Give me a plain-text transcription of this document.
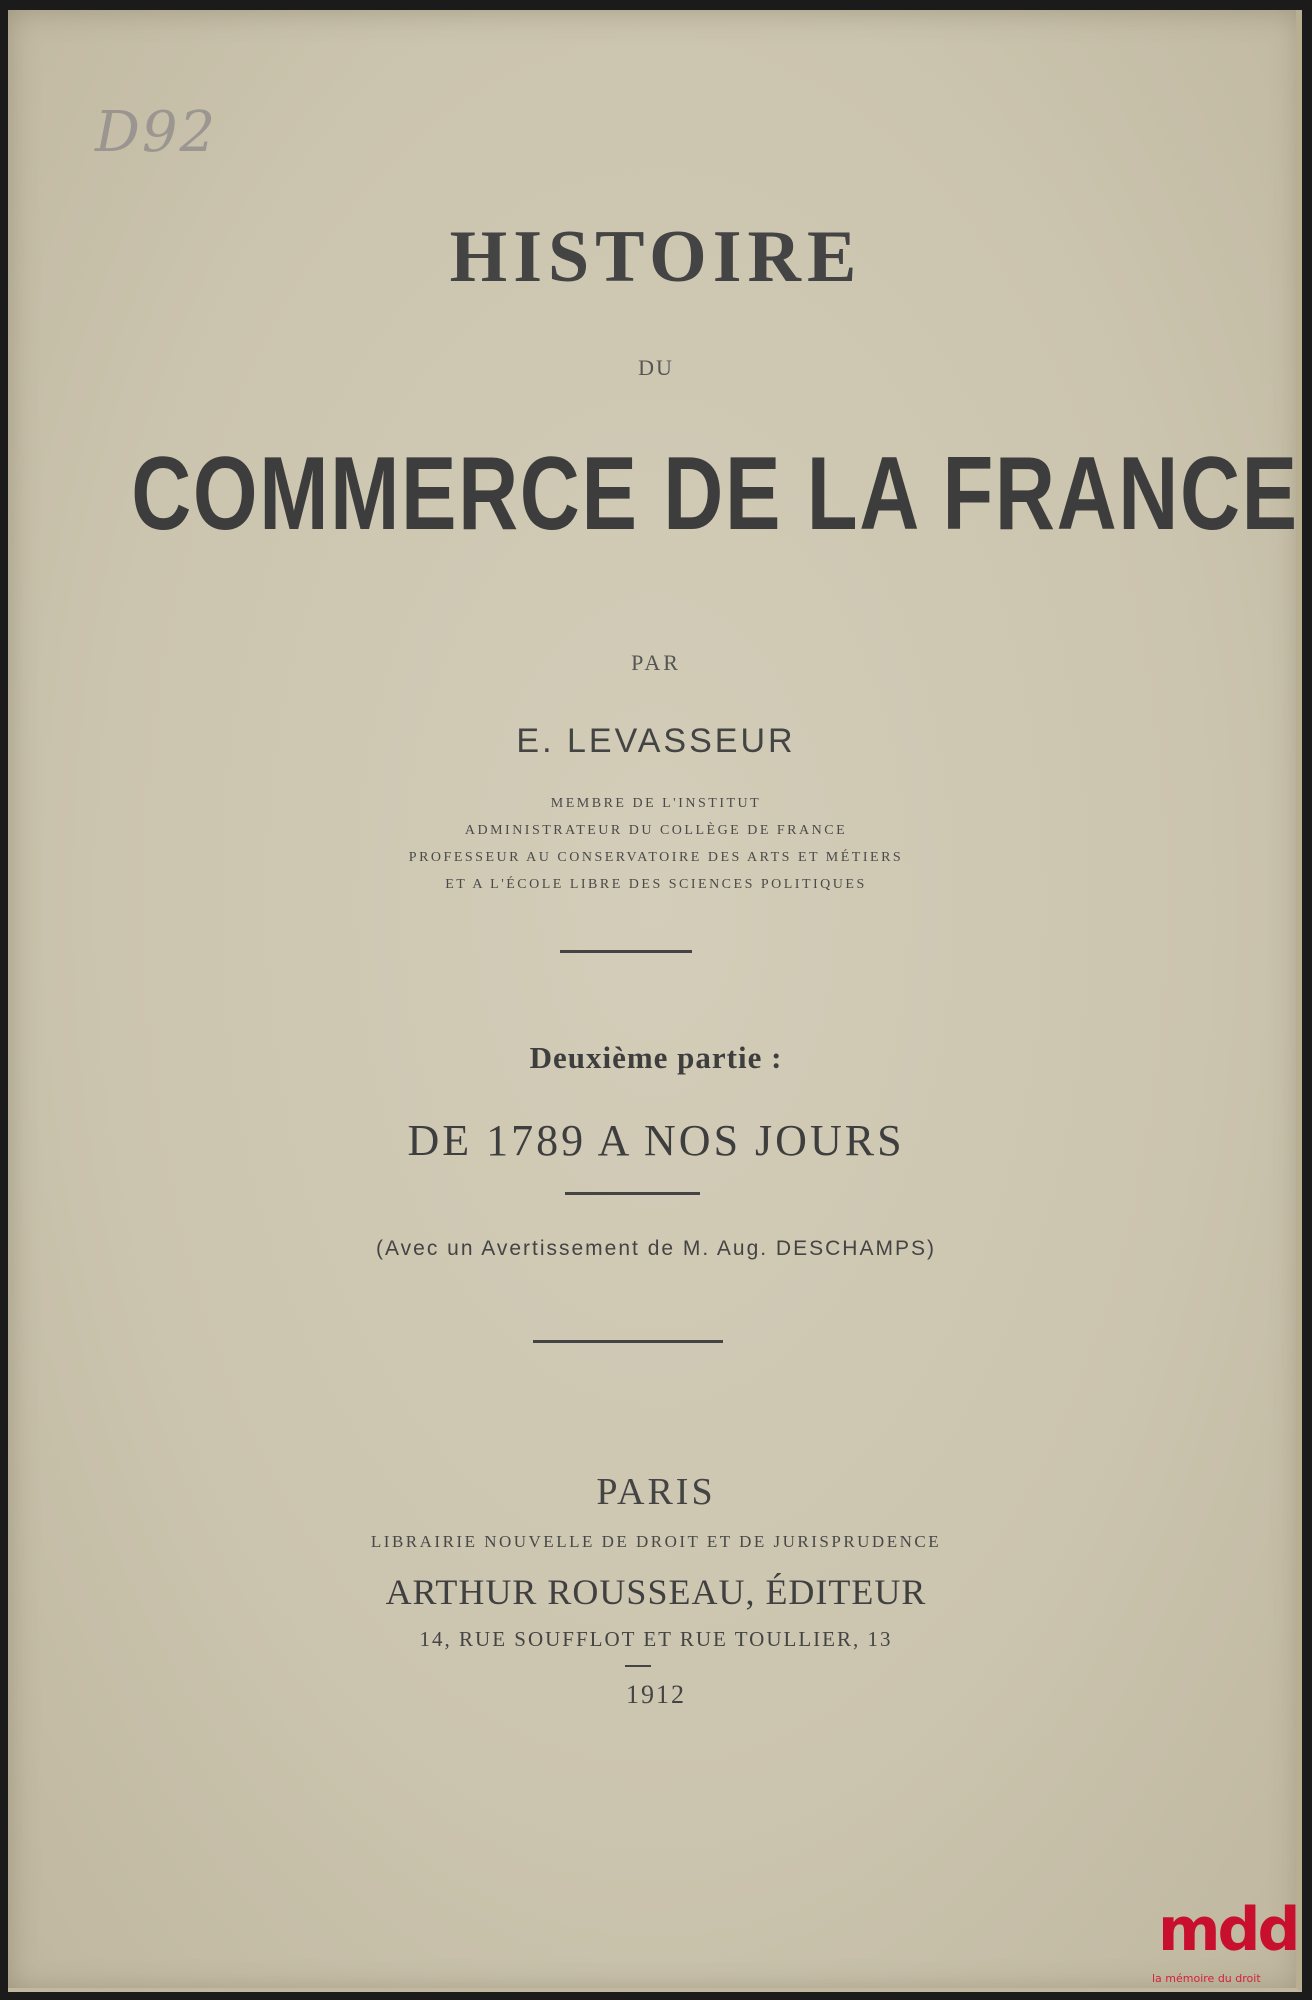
D92
HISTOIRE
DU
COMMERCE DE LA FRANCE
PAR
E. LEVASSEUR
MEMBRE DE L'INSTITUT
ADMINISTRATEUR DU COLLÈGE DE FRANCE
PROFESSEUR AU CONSERVATOIRE DES ARTS ET MÉTIERS
ET A L'ÉCOLE LIBRE DES SCIENCES POLITIQUES
Deuxième partie :
DE 1789 A NOS JOURS
(Avec un Avertissement de M. Aug. DESCHAMPS)
PARIS
LIBRAIRIE NOUVELLE DE DROIT ET DE JURISPRUDENCE
ARTHUR ROUSSEAU, ÉDITEUR
14, RUE SOUFFLOT ET RUE TOULLIER, 13
1912
mdd
la mémoire du droit
